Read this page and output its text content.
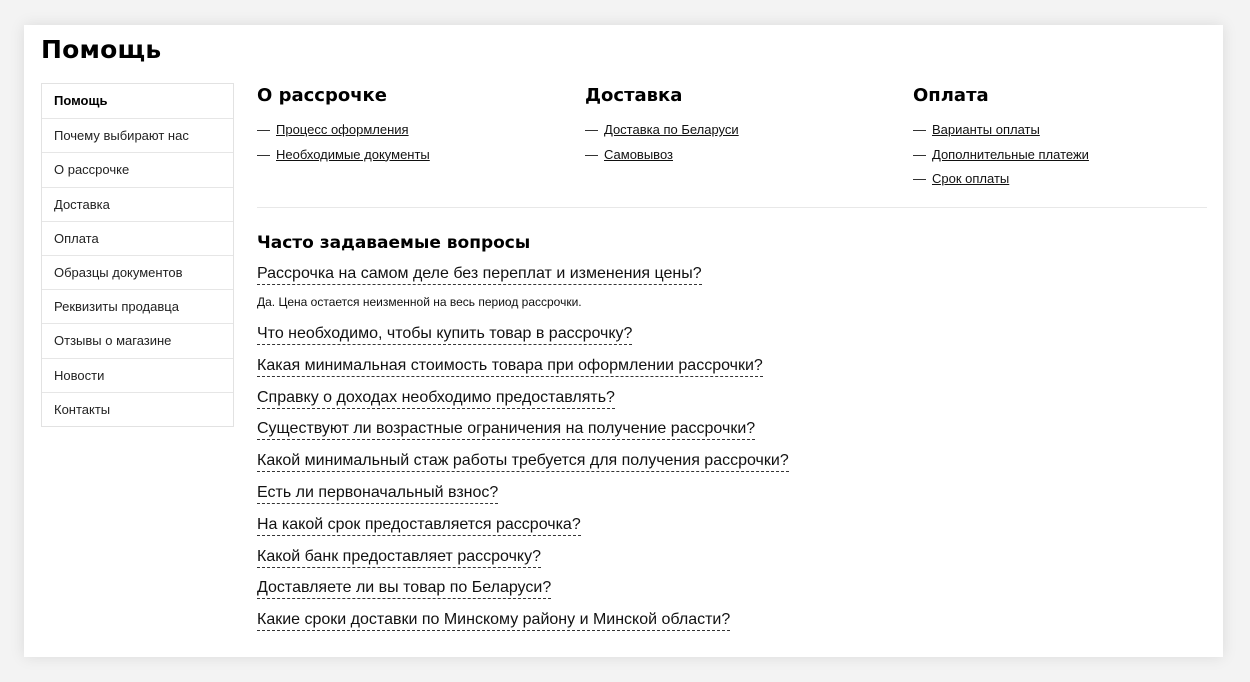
Помощь
Помощь
Почему выбирают нас
О рассрочке
Доставка
Оплата
Образцы документов
Реквизиты продавца
Отзывы о магазине
Новости
Контакты
О рассрочке
— Процесс оформления
— Необходимые документы
Доставка
— Доставка по Беларуси
— Самовывоз
Оплата
— Варианты оплаты
— Дополнительные платежи
— Срок оплаты
Часто задаваемые вопросы
Рассрочка на самом деле без переплат и изменения цены?
Да. Цена остается неизменной на весь период рассрочки.
Что необходимо, чтобы купить товар в рассрочку?
Какая минимальная стоимость товара при оформлении рассрочки?
Справку о доходах необходимо предоставлять?
Существуют ли возрастные ограничения на получение рассрочки?
Какой минимальный стаж работы требуется для получения рассрочки?
Есть ли первоначальный взнос?
На какой срок предоставляется рассрочка?
Какой банк предоставляет рассрочку?
Доставляете ли вы товар по Беларуси?
Какие сроки доставки по Минскому району и Минской области?
